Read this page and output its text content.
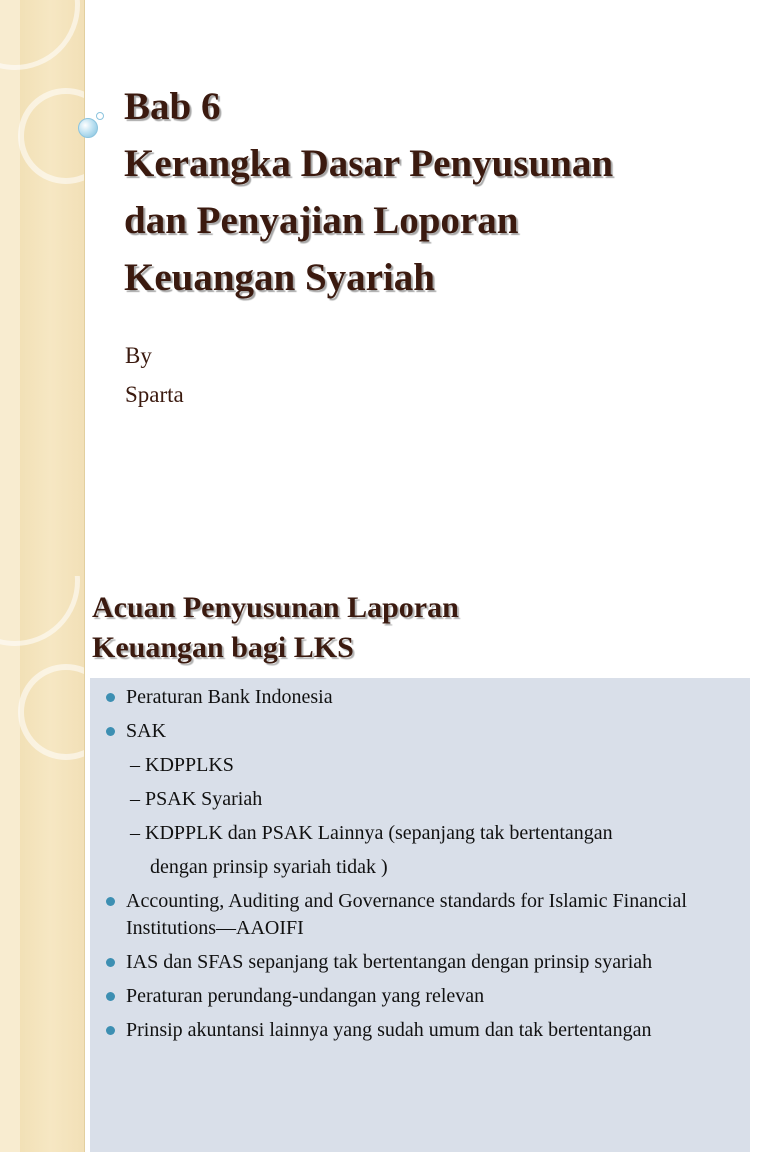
Bab 6
Kerangka Dasar Penyusunan
dan Penyajian Loporan
Keuangan Syariah
By
Sparta
Acuan Penyusunan Laporan
Keuangan bagi LKS
Peraturan Bank Indonesia
SAK
– KDPPLKS
– PSAK Syariah
– KDPPLK dan PSAK Lainnya (sepanjang tak bertentangan
dengan prinsip syariah tidak )
Accounting, Auditing and Governance standards for Islamic Financial Institutions—AAOIFI
IAS dan SFAS sepanjang tak bertentangan dengan prinsip syariah
Peraturan perundang-undangan yang relevan
Prinsip akuntansi lainnya yang sudah umum dan tak bertentangan
